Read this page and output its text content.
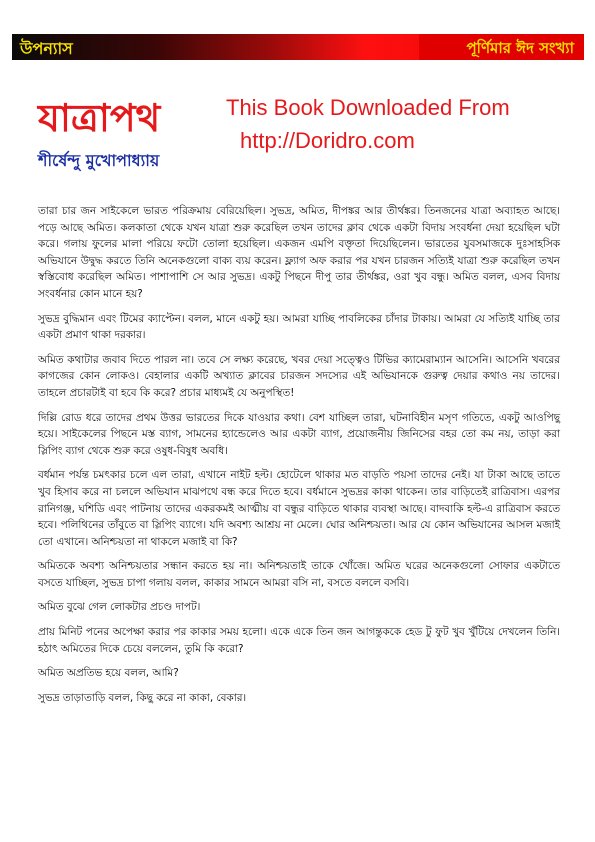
উপন্যাস	পূর্ণিমার ঈদ সংখ্যা
যাত্রাপথ
শীর্ষেন্দু মুখোপাধ্যায়
This Book Downloaded From
http://Doridro.com

তারা চার জন সাইকেলে ভারত পরিক্রমায় বেরিয়েছিল। সুভদ্র, অমিত, দীপঙ্কর আর তীর্থঙ্কর। তিনজনের যাত্রা অব্যাহত আছে। পড়ে আছে অমিত। কলকাতা থেকে যখন যাত্রা শুরু করেছিল তখন তাদের ক্লাব থেকে একটা বিদায় সংবর্ধনা দেয়া হয়েছিল ঘটা করে। গলায় ফুলের মালা পরিয়ে ফটো তোলা হয়েছিল। একজন এমপি বক্তৃতা দিয়েছিলেন। ভারতের যুবসমাজকে দুঃসাহসিক অভিযানে উদ্বুদ্ধ করতে তিনি অনেকগুলো বাক্য ব্যয় করেন। ফ্ল্যাগ অফ করার পর যখন চারজন সত্যিই যাত্রা শুরু করেছিল তখন স্বস্তিবোধ করেছিল অমিত। পাশাপাশি সে আর সুভদ্র। একটু পিছনে দীপু তার তীর্থঙ্কর, ওরা খুব বন্ধু। অমিত বলল, এসব বিদায় সংবর্ধনার কোন মানে হয়?

সুভদ্র বুদ্ধিমান এবং টিমের ক্যাপ্টেন। বলল, মানে একটু হয়। আমরা যাচ্ছি পাবলিকের চাঁদার টাকায়। আমরা যে সত্যিই যাচ্ছি তার একটা প্রমাণ থাকা দরকার।

অমিত কথাটার জবাব দিতে পারল না। তবে সে লক্ষ্য করেছে, খবর দেয়া সত্ত্বেও টিভির ক্যামেরাম্যান আসেনি। আসেনি খবরের কাগজের কোন লোকও। বেহালার একটি অখ্যাত ক্লাবের চারজন সদস্যের এই অভিযানকে গুরুত্ব দেয়ার কথাও নয় তাদের। তাহলে প্রচারটাই বা হবে কি করে? প্রচার মাধ্যমই যে অনুপস্থিত!

দিল্লি রোড ধরে তাদের প্রথম উত্তর ভারতের দিকে যাওয়ার কথা। বেশ যাচ্ছিল তারা, ঘটনাবিহীন মসৃণ গতিতে, একটু আওপিছু হয়ে। সাইকেলের পিছনে মস্ত ব্যাগ, সামনের হ্যান্ডেলেও আর একটা ব্যাগ, প্রয়োজনীয় জিনিসের বহর তো কম নয়, তাড়া করা স্লিপিং ব্যাগ থেকে শুরু করে ওষুধ-বিষুধ অবধি।

বর্ধমান পর্যন্ত চমৎকার চলে এল তারা, এখানে নাইট হল্ট। হোটেলে থাকার মত বাড়তি পয়সা তাদের নেই। যা টাকা আছে তাতে খুব হিসাব করে না চললে অভিযান মাঝপথে বন্ধ করে দিতে হবে। বর্ধমানে সুভদ্রর কাকা থাকেন। তার বাড়িতেই রাত্রিবাস। এরপর রানিগঞ্জ, ঘশিডি এবং পাটনায় তাদের একরকমই আত্মীয় বা বন্ধুর বাড়িতে থাকার ব্যবস্থা আছে। বাদবাকি হল্ট-এ রাত্রিবাস করতে হবে। পলিথিনের তাঁবুতে বা স্লিপিং ব্যাগে। যদি অবশ্য আশ্রয় না মেলে। ঘোর অনিশ্চয়তা। আর যে কোন অভিযানের আসল মজাই তো এখানে। অনিশ্চয়তা না থাকলে মজাই বা কি?

অমিতকে অবশ্য অনিশ্চয়তার সন্ধান করতে হয় না। অনিশ্চয়তাই তাকে খোঁজে। অমিত ঘরের অনেকগুলো সোফার একটাতে বসতে যাচ্ছিল, সুভদ্র চাপা গলায় বলল, কাকার সামনে আমরা বসি না, বসতে বললে বসবি।

অমিত বুঝে গেল লোকটার প্রচণ্ড দাপট।

প্রায় মিনিট পনের অপেক্ষা করার পর কাকার সময় হলো। একে একে তিন জন আগন্তুককে হেড টু ফুট খুব খুঁটিয়ে দেখলেন তিনি। হঠাৎ অমিতের দিকে চেয়ে বললেন, তুমি কি করো?

অমিত অপ্রতিভ হয়ে বলল, আমি?

সুভদ্র তাড়াতাড়ি বলল, কিছু করে না কাকা, বেকার।
